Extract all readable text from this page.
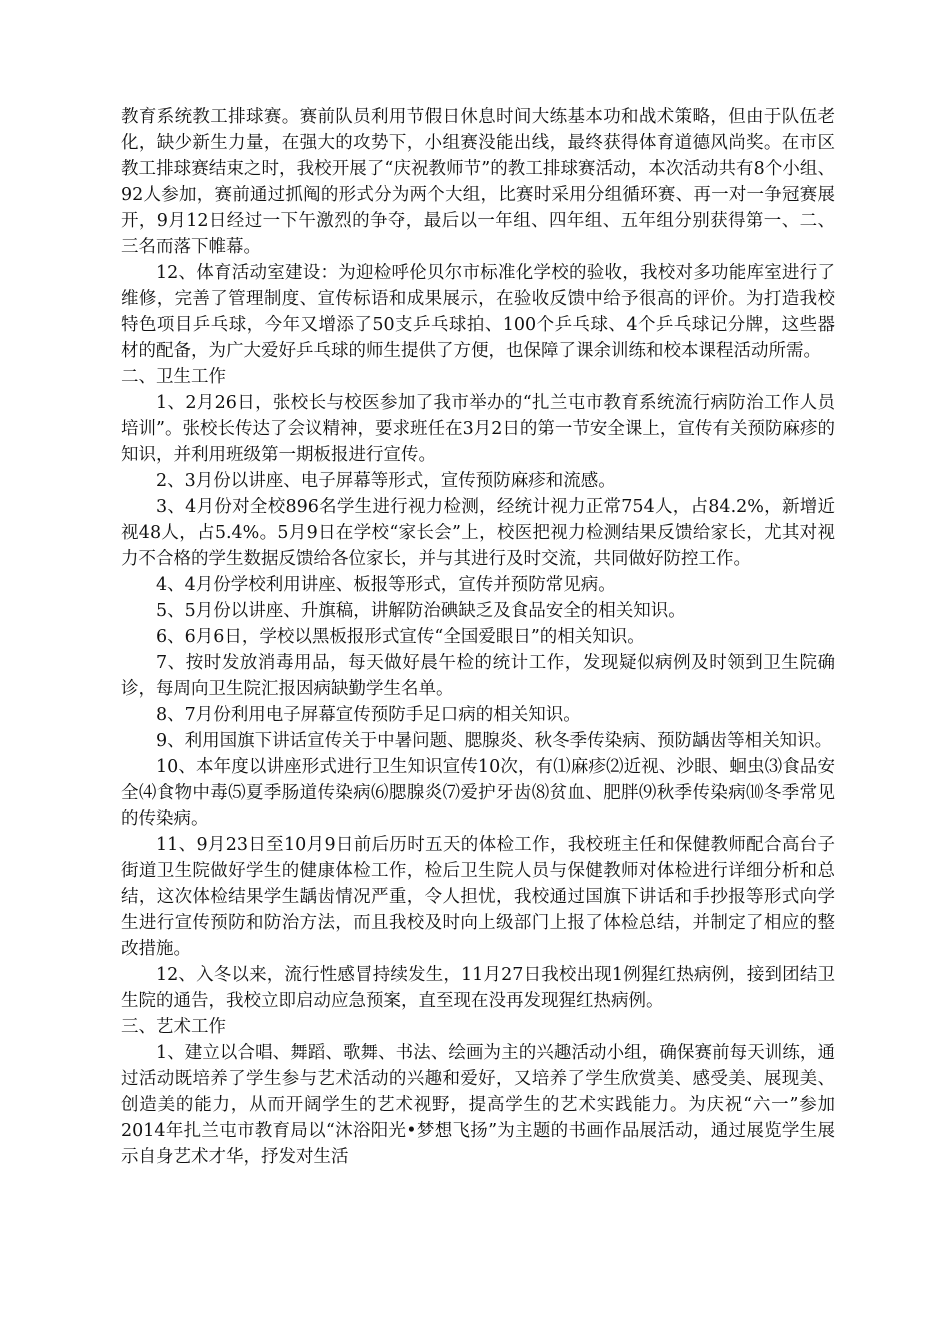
教育系统教工排球赛。赛前队员利用节假日休息时间大练基本功和战术策略，但由于队伍老化，缺少新生力量，在强大的攻势下，小组赛没能出线，最终获得体育道德风尚奖。在市区教工排球赛结束之时，我校开展了“庆祝教师节”的教工排球赛活动，本次活动共有8个小组、92人参加，赛前通过抓阄的形式分为两个大组，比赛时采用分组循环赛、再一对一争冠赛展开，9月12日经过一下午激烈的争夺，最后以一年组、四年组、五年组分别获得第一、二、三名而落下帷幕。

12、体育活动室建设：为迎检呼伦贝尔市标准化学校的验收，我校对多功能库室进行了维修，完善了管理制度、宣传标语和成果展示，在验收反馈中给予很高的评价。为打造我校特色项目乒乓球，今年又增添了50支乒乓球拍、100个乒乓球、4个乒乓球记分牌，这些器材的配备，为广大爱好乒乓球的师生提供了方便，也保障了课余训练和校本课程活动所需。

二、卫生工作

1、2月26日，张校长与校医参加了我市举办的“扎兰屯市教育系统流行病防治工作人员培训”。张校长传达了会议精神，要求班任在3月2日的第一节安全课上，宣传有关预防麻疹的知识，并利用班级第一期板报进行宣传。

2、3月份以讲座、电子屏幕等形式，宣传预防麻疹和流感。

3、4月份对全校896名学生进行视力检测，经统计视力正常754人，占84.2%，新增近视48人，占5.4%。5月9日在学校“家长会”上，校医把视力检测结果反馈给家长，尤其对视力不合格的学生数据反馈给各位家长，并与其进行及时交流，共同做好防控工作。

4、4月份学校利用讲座、板报等形式，宣传并预防常见病。

5、5月份以讲座、升旗稿，讲解防治碘缺乏及食品安全的相关知识。

6、6月6日，学校以黑板报形式宣传“全国爱眼日”的相关知识。

7、按时发放消毒用品，每天做好晨午检的统计工作，发现疑似病例及时领到卫生院确诊，每周向卫生院汇报因病缺勤学生名单。

8、7月份利用电子屏幕宣传预防手足口病的相关知识。

9、利用国旗下讲话宣传关于中暑问题、腮腺炎、秋冬季传染病、预防龋齿等相关知识。

10、本年度以讲座形式进行卫生知识宣传10次，有⑴麻疹⑵近视、沙眼、蛔虫⑶食品安全⑷食物中毒⑸夏季肠道传染病⑹腮腺炎⑺爱护牙齿⑻贫血、肥胖⑼秋季传染病⑽冬季常见的传染病。

11、9月23日至10月9日前后历时五天的体检工作，我校班主任和保健教师配合高台子街道卫生院做好学生的健康体检工作，检后卫生院人员与保健教师对体检进行详细分析和总结，这次体检结果学生龋齿情况严重，令人担忧，我校通过国旗下讲话和手抄报等形式向学生进行宣传预防和防治方法，而且我校及时向上级部门上报了体检总结，并制定了相应的整改措施。

12、入冬以来，流行性感冒持续发生，11月27日我校出现1例猩红热病例，接到团结卫生院的通告，我校立即启动应急预案，直至现在没再发现猩红热病例。

三、艺术工作

1、建立以合唱、舞蹈、歌舞、书法、绘画为主的兴趣活动小组，确保赛前每天训练，通过活动既培养了学生参与艺术活动的兴趣和爱好，又培养了学生欣赏美、感受美、展现美、创造美的能力，从而开阔学生的艺术视野，提高学生的艺术实践能力。为庆祝“六一”参加2014年扎兰屯市教育局以“沐浴阳光•梦想飞扬”为主题的书画作品展活动，通过展览学生展示自身艺术才华，抒发对生活
